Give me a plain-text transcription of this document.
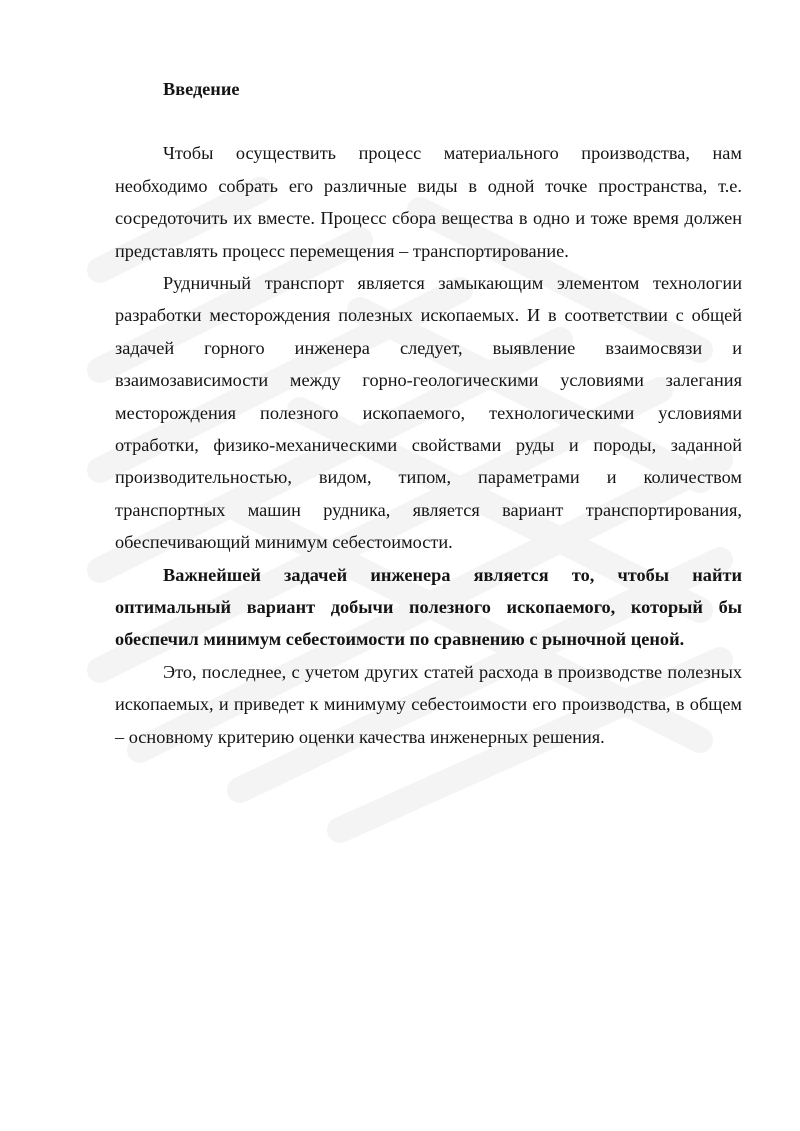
Введение

Чтобы осуществить процесс материального производства, нам необходимо собрать его различные виды в одной точке пространства, т.е. сосредоточить их вместе. Процесс сбора вещества в одно и тоже время должен представлять процесс перемещения – транспортирование.

Рудничный транспорт является замыкающим элементом технологии разработки месторождения полезных ископаемых. И в соответствии с общей задачей горного инженера следует, выявление взаимосвязи и взаимозависимости между горно-геологическими условиями залегания месторождения полезного ископаемого, технологическими условиями отработки, физико-механическими свойствами руды и породы, заданной производительностью, видом, типом, параметрами и количеством транспортных машин рудника, является вариант транспортирования, обеспечивающий минимум себестоимости.

Важнейшей задачей инженера является то, чтобы найти оптимальный вариант добычи полезного ископаемого, который бы обеспечил минимум себестоимости по сравнению с рыночной ценой.

Это, последнее, с учетом других статей расхода в производстве полезных ископаемых, и приведет к минимуму себестоимости его производства, в общем – основному критерию оценки качества инженерных решения.
